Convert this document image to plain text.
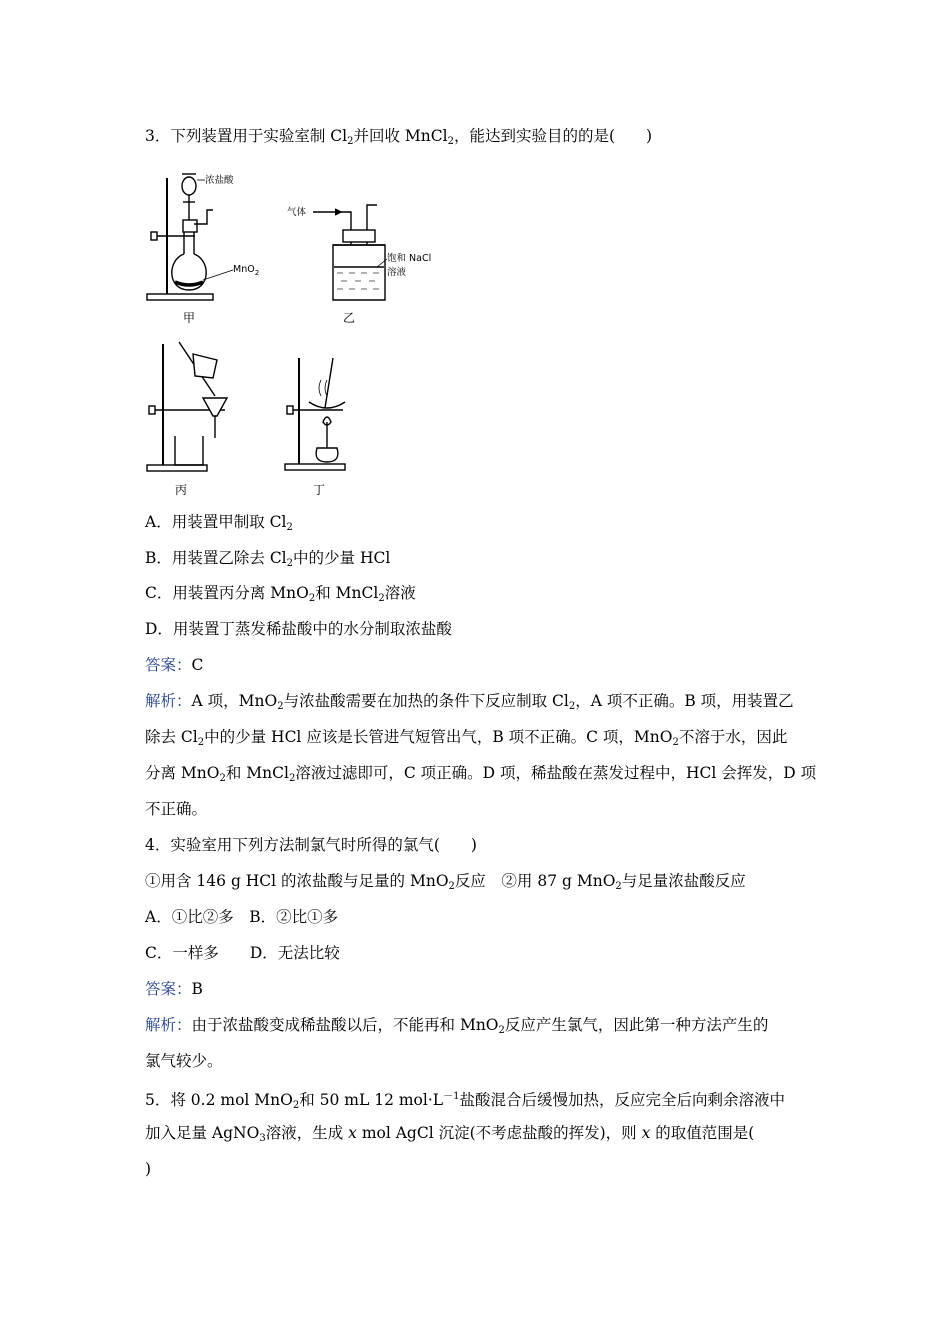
3．下列装置用于实验室制 $Cl_2$并回收 MnCl$_2$，能达到实验目的的是(　　)
浓盐酸
MnO$_2$
甲
气体
饱和 NaCl
溶液
乙
丙	丁
A．用装置甲制取 $Cl_2$
B．用装置乙除去 $Cl_2$中的少量 HCl
C．用装置丙分离 MnO$_2$和 MnCl$_2$溶液
D．用装置丁蒸发稀盐酸中的水分制取浓盐酸
答案：C
解析：A 项，MnO$_2$与浓盐酸需要在加热的条件下反应制取 $Cl_2$，A 项不正确。B 项，用装置乙
除去 $Cl_2$中的少量 HCl 应该是长管进气短管出气，B 项不正确。C 项，MnO$_2$不溶于水，因此
分离 MnO$_2$和 MnCl$_2$溶液过滤即可，C 项正确。D 项，稀盐酸在蒸发过程中，HCl 会挥发，D 项
不正确。
4．实验室用下列方法制氯气时所得的氯气(　　)
①用含 146 g HCl 的浓盐酸与足量的 MnO$_2$反应　②用 87 g MnO$_2$与足量浓盐酸反应
A．①比②多　B．②比①多
C．一样多　　D．无法比较
答案：B
解析：由于浓盐酸变成稀盐酸以后，不能再和 MnO$_2$反应产生氯气，因此第一种方法产生的
氯气较少。
5．将 0.2 mol MnO$_2$和 50 mL 12 $mol\cdot L^{-1}$盐酸混合后缓慢加热，反应完全后向剩余溶液中
加入足量 AgNO$_3$溶液，生成 x mol AgCl 沉淀(不考虑盐酸的挥发)，则 x 的取值范围是(
)
